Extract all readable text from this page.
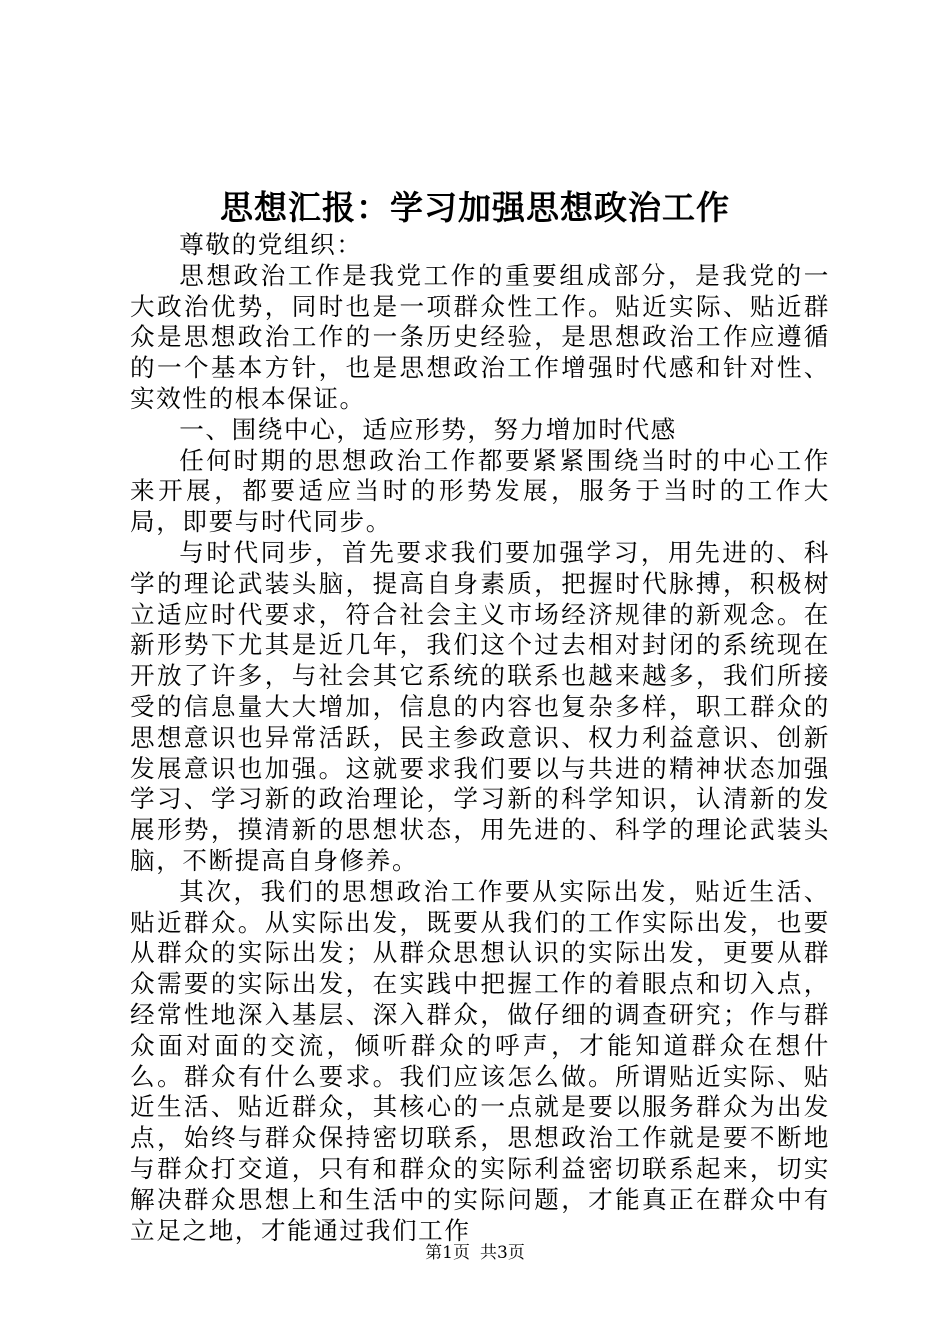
思想汇报：学习加强思想政治工作

尊敬的党组织：

思想政治工作是我党工作的重要组成部分，是我党的一大政治优势，同时也是一项群众性工作。贴近实际、贴近群众是思想政治工作的一条历史经验，是思想政治工作应遵循的一个基本方针，也是思想政治工作增强时代感和针对性、实效性的根本保证。

一、围绕中心，适应形势，努力增加时代感

任何时期的思想政治工作都要紧紧围绕当时的中心工作来开展，都要适应当时的形势发展，服务于当时的工作大局，即要与时代同步。

与时代同步，首先要求我们要加强学习，用先进的、科学的理论武装头脑，提高自身素质，把握时代脉搏，积极树立适应时代要求，符合社会主义市场经济规律的新观念。在新形势下尤其是近几年，我们这个过去相对封闭的系统现在开放了许多，与社会其它系统的联系也越来越多，我们所接受的信息量大大增加，信息的内容也复杂多样，职工群众的思想意识也异常活跃，民主参政意识、权力利益意识、创新发展意识也加强。这就要求我们要以与共进的精神状态加强学习、学习新的政治理论，学习新的科学知识，认清新的发展形势，摸清新的思想状态，用先进的、科学的理论武装头脑，不断提高自身修养。

其次，我们的思想政治工作要从实际出发，贴近生活、贴近群众。从实际出发，既要从我们的工作实际出发，也要从群众的实际出发；从群众思想认识的实际出发，更要从群众需要的实际出发，在实践中把握工作的着眼点和切入点，经常性地深入基层、深入群众，做仔细的调查研究；作与群众面对面的交流，倾听群众的呼声，才能知道群众在想什么。群众有什么要求。我们应该怎么做。所谓贴近实际、贴近生活、贴近群众，其核心的一点就是要以服务群众为出发点，始终与群众保持密切联系，思想政治工作就是要不断地与群众打交道，只有和群众的实际利益密切联系起来，切实解决群众思想上和生活中的实际问题，才能真正在群众中有立足之地，才能通过我们工作

第1页 共3页
